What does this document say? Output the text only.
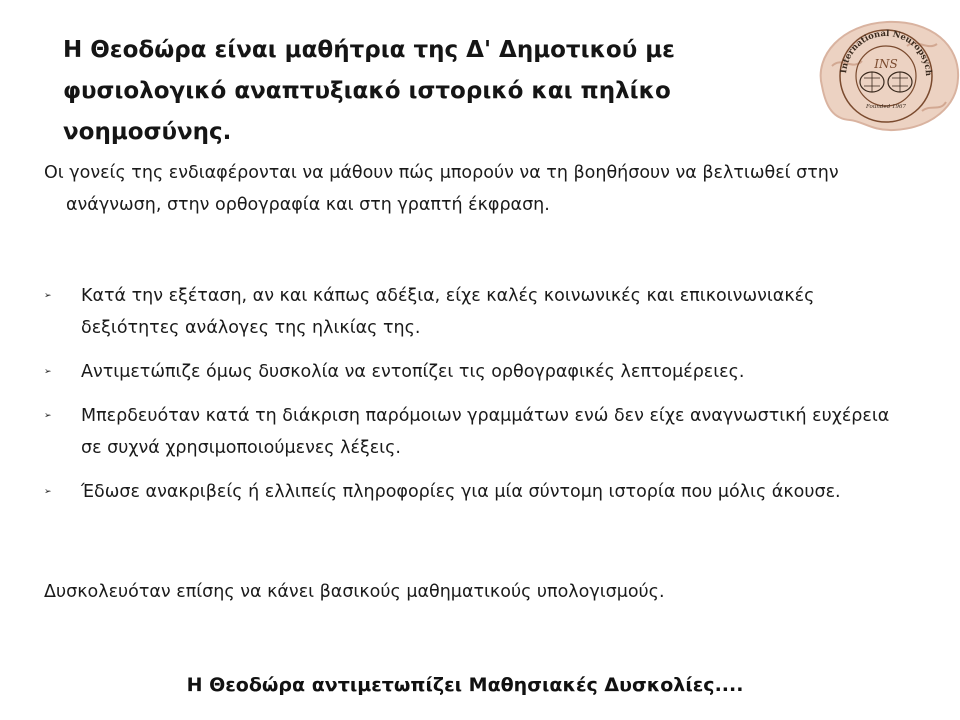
Η Θεοδώρα είναι μαθήτρια της Δ' Δημοτικού με φυσιολογικό αναπτυξιακό ιστορικό και πηλίκο νοημοσύνης.
International Neuropsych
INS
Founded 1967

Οι γονείς της ενδιαφέρονται να μάθουν πώς μπορούν να τη βοηθήσουν να βελτιωθεί στην ανάγνωση, στην ορθογραφία και στη γραπτή έκφραση.

➢ Κατά την εξέταση, αν και κάπως αδέξια, είχε καλές κοινωνικές και επικοινωνιακές δεξιότητες ανάλογες της ηλικίας της.
➢ Αντιμετώπιζε όμως δυσκολία να εντοπίζει τις ορθογραφικές λεπτομέρειες.
➢ Μπερδευόταν κατά τη διάκριση παρόμοιων γραμμάτων ενώ δεν είχε αναγνωστική ευχέρεια σε συχνά χρησιμοποιούμενες λέξεις.
➢ Έδωσε ανακριβείς ή ελλιπείς πληροφορίες για μία σύντομη ιστορία που μόλις άκουσε.

Δυσκολευόταν επίσης να κάνει βασικούς μαθηματικούς υπολογισμούς.

Η Θεοδώρα αντιμετωπίζει Μαθησιακές Δυσκολίες....
